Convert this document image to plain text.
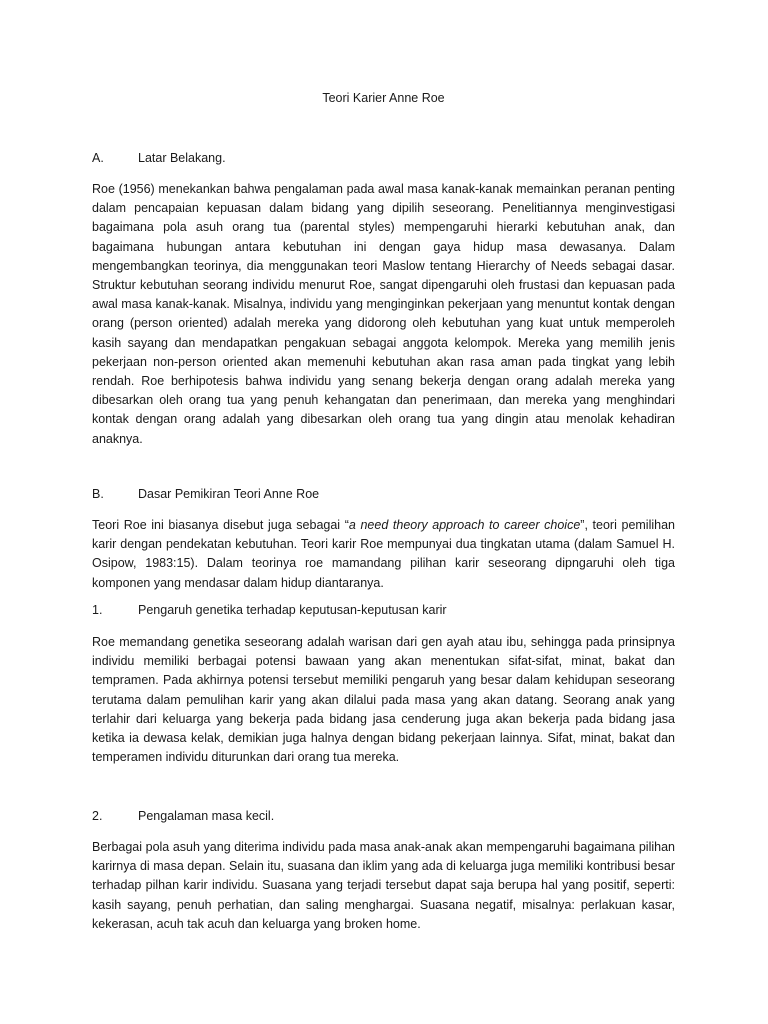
Teori Karier Anne Roe
A.	Latar Belakang.

Roe (1956) menekankan bahwa pengalaman pada awal masa kanak-kanak memainkan peranan penting dalam pencapaian kepuasan dalam bidang yang dipilih seseorang. Penelitiannya menginvestigasi bagaimana pola asuh orang tua (parental styles) mempengaruhi hierarki kebutuhan anak, dan bagaimana hubungan antara kebutuhan ini dengan gaya hidup masa dewasanya. Dalam mengembangkan teorinya, dia menggunakan teori Maslow tentang Hierarchy of Needs sebagai dasar. Struktur kebutuhan seorang individu menurut Roe, sangat dipengaruhi oleh frustasi dan kepuasan pada awal masa kanak-kanak. Misalnya, individu yang menginginkan pekerjaan yang menuntut kontak dengan orang (person oriented) adalah mereka yang didorong oleh kebutuhan yang kuat untuk memperoleh kasih sayang dan mendapatkan pengakuan sebagai anggota kelompok. Mereka yang memilih jenis pekerjaan non-person oriented akan memenuhi kebutuhan akan rasa aman pada tingkat yang lebih rendah. Roe berhipotesis bahwa individu yang senang bekerja dengan orang adalah mereka yang dibesarkan oleh orang tua yang penuh kehangatan dan penerimaan, dan mereka yang menghindari kontak dengan orang adalah yang dibesarkan oleh orang tua yang dingin atau menolak kehadiran anaknya.

B.	Dasar Pemikiran Teori Anne Roe

Teori Roe ini biasanya disebut juga sebagai “a need theory approach to career choice”, teori pemilihan karir dengan pendekatan kebutuhan. Teori karir Roe mempunyai dua tingkatan utama (dalam Samuel H. Osipow, 1983:15). Dalam teorinya roe mamandang pilihan karir seseorang dipngaruhi oleh tiga komponen yang mendasar dalam hidup diantaranya.

1.	Pengaruh genetika terhadap keputusan-keputusan karir

Roe memandang genetika seseorang adalah warisan dari gen ayah atau ibu, sehingga pada prinsipnya individu memiliki berbagai potensi bawaan yang akan menentukan sifat-sifat, minat, bakat dan tempramen. Pada akhirnya potensi tersebut memiliki pengaruh yang besar dalam kehidupan seseorang terutama dalam pemulihan karir yang akan dilalui pada masa yang akan datang. Seorang anak yang terlahir dari keluarga yang bekerja pada bidang jasa cenderung juga akan bekerja pada bidang jasa ketika ia dewasa kelak, demikian juga halnya dengan bidang pekerjaan lainnya. Sifat, minat, bakat dan temperamen individu diturunkan dari orang tua mereka.

2.	Pengalaman masa kecil.

Berbagai pola asuh yang diterima individu pada masa anak-anak akan mempengaruhi bagaimana pilihan karirnya di masa depan. Selain itu, suasana dan iklim yang ada di keluarga juga memiliki kontribusi besar terhadap pilhan karir individu. Suasana yang terjadi tersebut dapat saja berupa hal yang positif, seperti: kasih sayang, penuh perhatian, dan saling menghargai. Suasana negatif, misalnya: perlakuan kasar, kekerasan, acuh tak acuh dan keluarga yang broken home.
